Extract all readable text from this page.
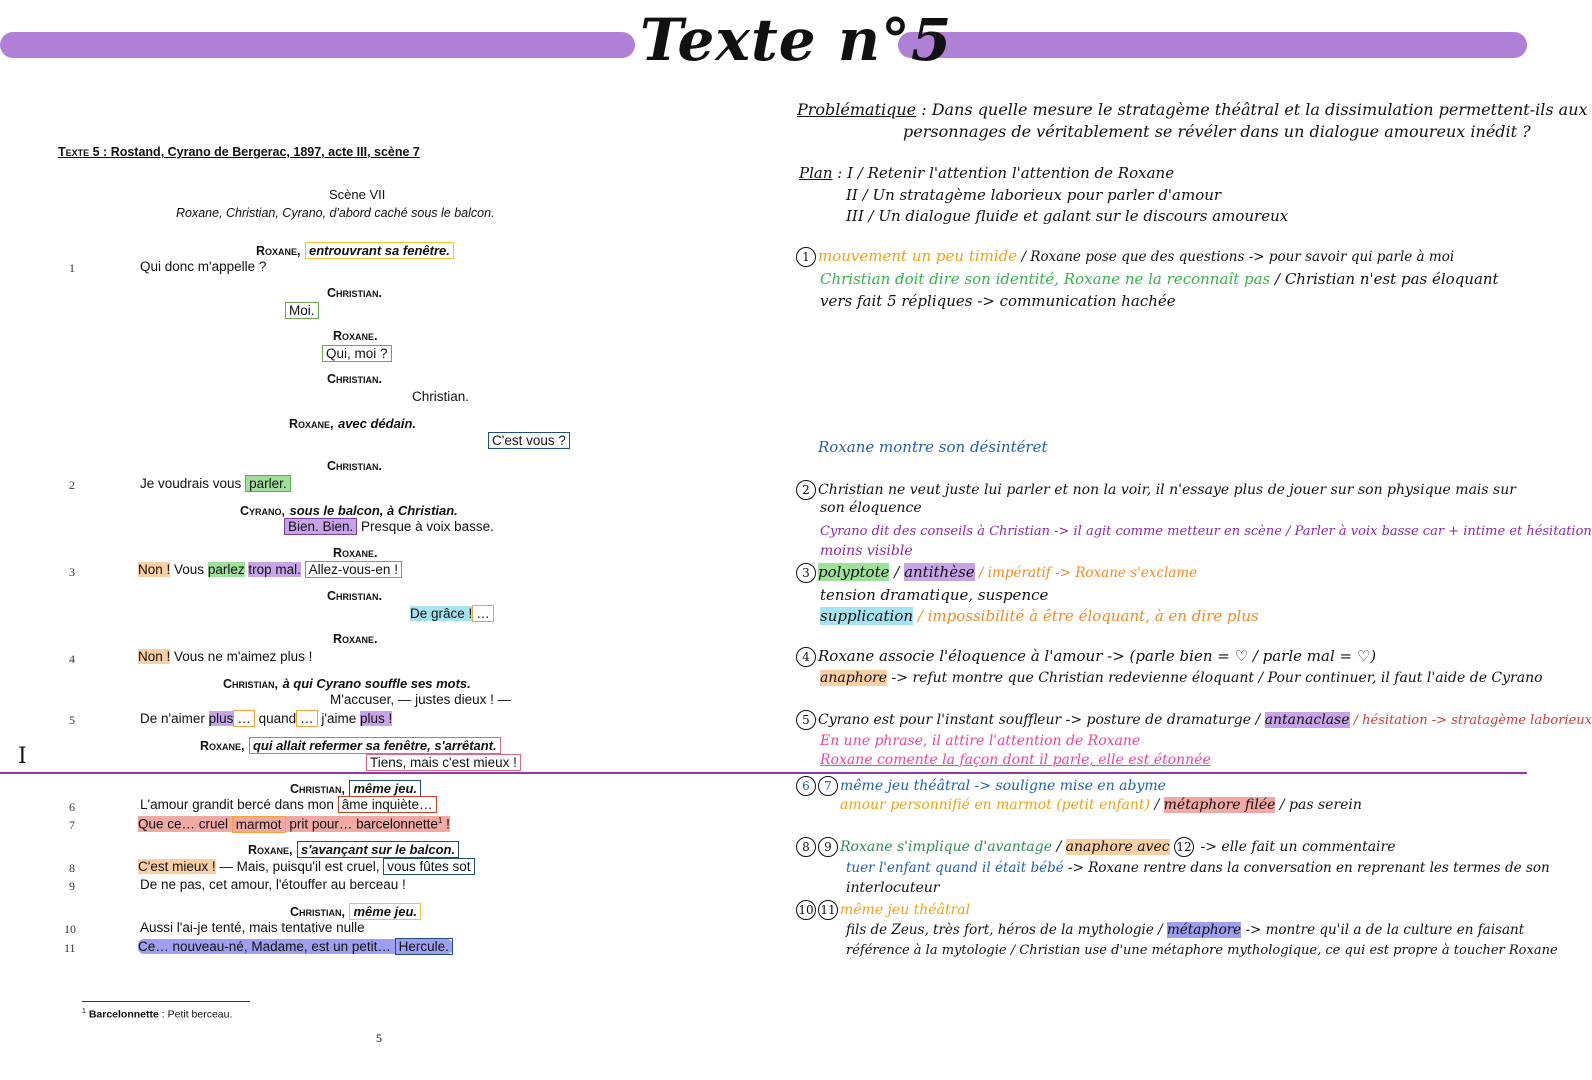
Texte n°5
Texte 5 : Rostand, Cyrano de Bergerac, 1897, acte III, scène 7
Scène VII
Roxane, Christian, Cyrano, d'abord caché sous le balcon.
Roxane, entrouvrant sa fenêtre.
1	Qui donc m'appelle ?
Christian.
Moi.
Roxane.
Qui, moi ?
Christian.
Christian.
Roxane, avec dédain.
C'est vous ?
Christian.
2	Je voudrais vous parler.
Cyrano, sous le balcon, à Christian.
Bien. Bien. Presque à voix basse.
Roxane.
3	Non ! Vous parlez trop mal. Allez-vous-en !
Christian.
De grâce ! …
Roxane.
4	Non ! Vous ne m'aimez plus !
Christian, à qui Cyrano souffle ses mots.
M'accuser, — justes dieux ! —
5	De n'aimer plus … quand … j'aime plus !
Roxane, qui allait refermer sa fenêtre, s'arrêtant.
Tiens, mais c'est mieux !
I
Christian, même jeu.
6	L'amour grandit bercé dans mon âme inquiète…
7	Que ce… cruel marmot prit pour… barcelonnette$^1$ !
Roxane, s'avançant sur le balcon.
8	C'est mieux ! — Mais, puisqu'il est cruel, vous fûtes sot
9	De ne pas, cet amour, l'étouffer au berceau !
Christian, même jeu.
10	Aussi l'ai-je tenté, mais tentative nulle
11	Ce… nouveau-né, Madame, est un petit… Hercule.
$^1$ Barcelonnette : Petit berceau.
5
Problématique : Dans quelle mesure le stratagème théâtral et la dissimulation permettent-ils aux
personnages de véritablement se révéler dans un dialogue amoureux inédit ?
Plan : I / Retenir l'attention l'attention de Roxane
II / Un stratagème laborieux pour parler d'amour
III / Un dialogue fluide et galant sur le discours amoureux
1 mouvement un peu timide / Roxane pose que des questions -> pour savoir qui parle à moi
Christian doit dire son identité, Roxane ne la reconnaît pas / Christian n'est pas éloquant
vers fait 5 répliques -> communication hachée
Roxane montre son désintéret
2 Christian ne veut juste lui parler et non la voir, il n'essaye plus de jouer sur son physique mais sur
son éloquence
Cyrano dit des conseils à Christian -> il agit comme metteur en scène / Parler à voix basse car + intime et hésitation
moins visible
3 polyptote / antithèse / impératif -> Roxane s'exclame
tension dramatique, suspence
supplication / impossibilité à être éloquant, à en dire plus
4 Roxane associe l'éloquence à l'amour -> (parle bien = ♡ / parle mal = ♡)
anaphore -> refut montre que Christian redevienne éloquant / Pour continuer, il faut l'aide de Cyrano
5 Cyrano est pour l'instant souffleur -> posture de dramaturge / antanaclase / hésitation -> stratagème laborieux
En une phrase, il attire l'attention de Roxane
Roxane comente la façon dont il parle, elle est étonnée
6 7 même jeu théâtral -> souligne mise en abyme
amour personnifié en marmot (petit enfant) / métaphore filée / pas serein
8 9 Roxane s'implique d'avantage / anaphore avec 12 -> elle fait un commentaire
tuer l'enfant quand il était bébé -> Roxane rentre dans la conversation en reprenant les termes de son
interlocuteur
10 11 même jeu théâtral
fils de Zeus, très fort, héros de la mythologie / métaphore -> montre qu'il a de la culture en faisant
référence à la mytologie / Christian use d'une métaphore mythologique, ce qui est propre à toucher Roxane
